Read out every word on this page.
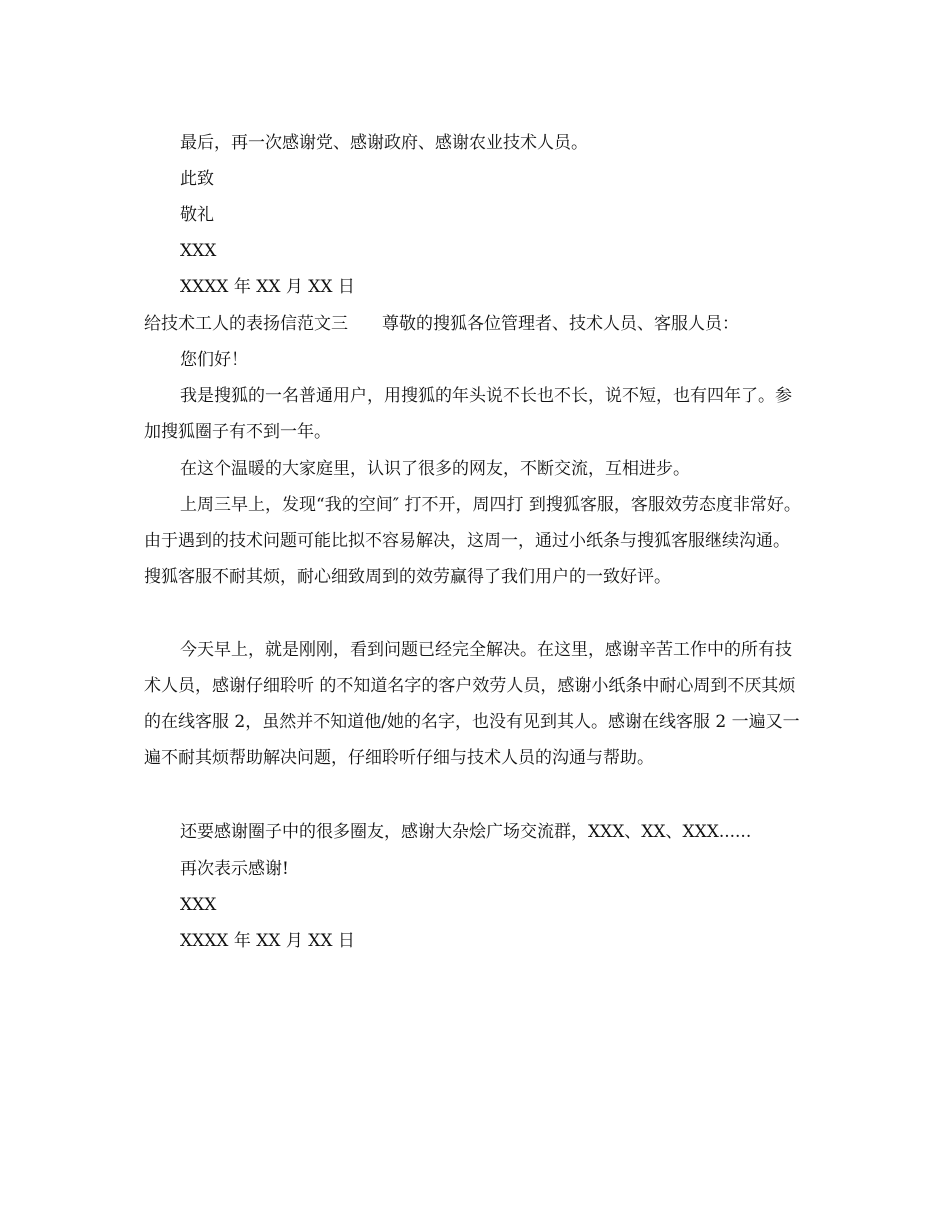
最后，再一次感谢党、感谢政府、感谢农业技术人员。

此致

敬礼

XXX

XXXX 年 XX 月 XX 日

给技术工人的表扬信范文三 尊敬的搜狐各位管理者、技术人员、客服人员：

您们好！

我是搜狐的一名普通用户，用搜狐的年头说不长也不长，说不短，也有四年了。参加搜狐圈子有不到一年。

在这个温暖的大家庭里，认识了很多的网友，不断交流，互相进步。

上周三早上，发现“我的空间″ 打不开，周四打 到搜狐客服，客服效劳态度非常好。由于遇到的技术问题可能比拟不容易解决，这周一，通过小纸条与搜狐客服继续沟通。搜狐客服不耐其烦，耐心细致周到的效劳赢得了我们用户的一致好评。

今天早上，就是刚刚，看到问题已经完全解决。在这里，感谢辛苦工作中的所有技术人员，感谢仔细聆听 的不知道名字的客户效劳人员，感谢小纸条中耐心周到不厌其烦的在线客服 2，虽然并不知道他/她的名字，也没有见到其人。感谢在线客服 2 一遍又一遍不耐其烦帮助解决问题，仔细聆听仔细与技术人员的沟通与帮助。

还要感谢圈子中的很多圈友，感谢大杂烩广场交流群，XXX、XX、XXX......

再次表示感谢!

XXX

XXXX 年 XX 月 XX 日
